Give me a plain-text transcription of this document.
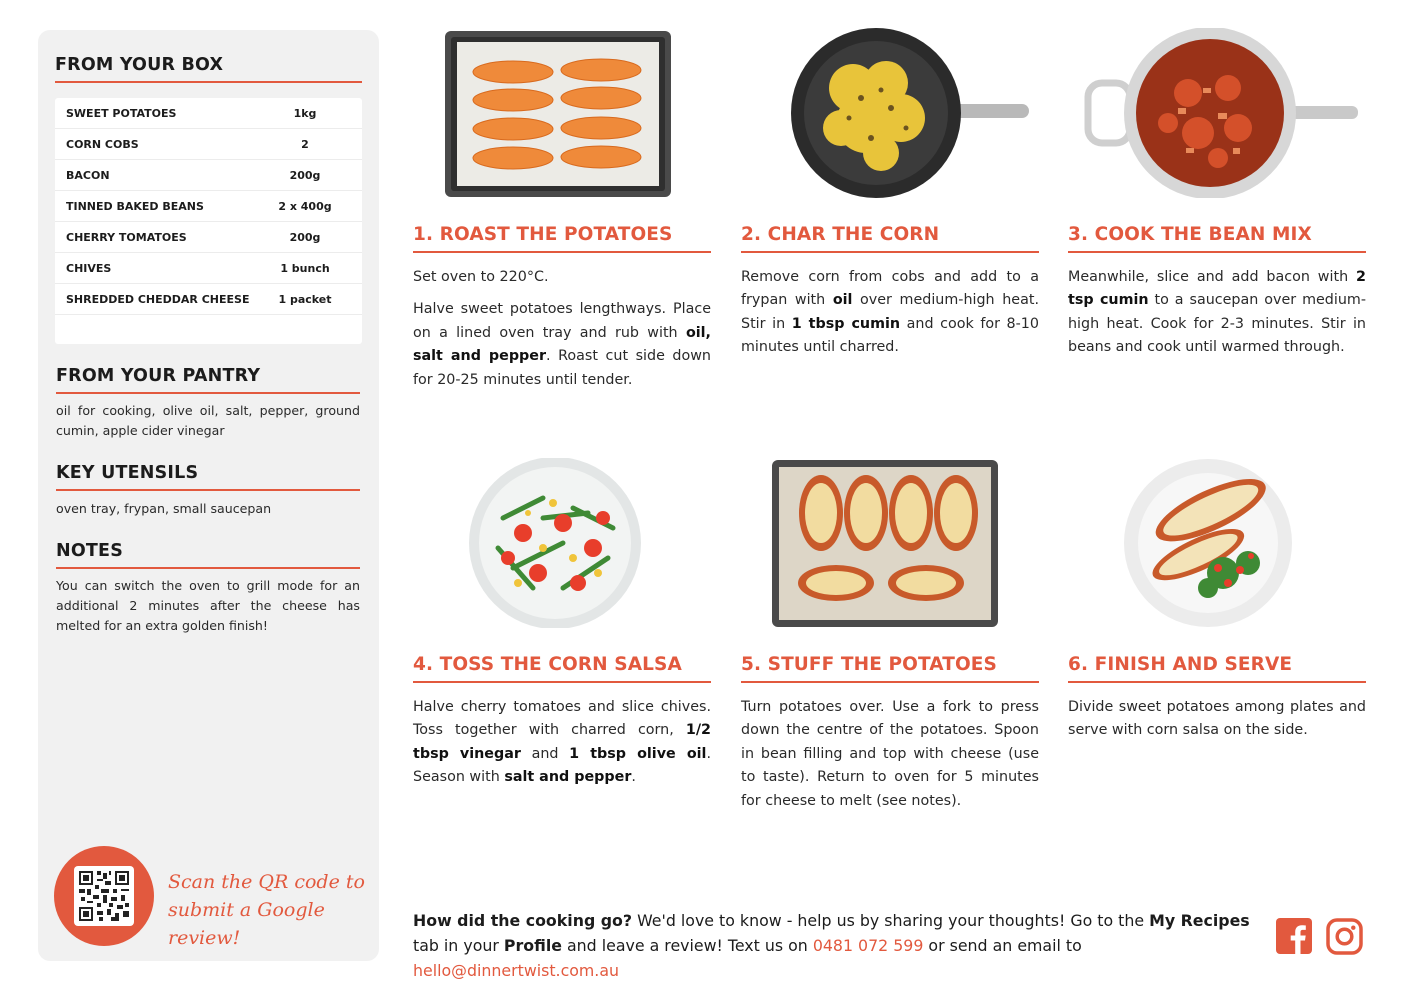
FROM YOUR BOX
SWEET POTATOES	1kg
CORN COBS	2
BACON	200g
TINNED BAKED BEANS	2 x 400g
CHERRY TOMATOES	200g
CHIVES	1 bunch
SHREDDED CHEDDAR CHEESE	1 packet
FROM YOUR PANTRY
oil for cooking, olive oil, salt, pepper, ground cumin, apple cider vinegar
KEY UTENSILS
oven tray, frypan, small saucepan
NOTES
You can switch the oven to grill mode for an additional 2 minutes after the cheese has melted for an extra golden finish!
Scan the QR code to
submit a Google review!
1. ROAST THE POTATOES

Set oven to 220°C.

Halve sweet potatoes lengthways. Place on a lined oven tray and rub with oil, salt and pepper. Roast cut side down for 20-25 minutes until tender.

2. CHAR THE CORN

Remove corn from cobs and add to a frypan with oil over medium-high heat. Stir in 1 tbsp cumin and cook for 8-10 minutes until charred.

3. COOK THE BEAN MIX

Meanwhile, slice and add bacon with 2 tsp cumin to a saucepan over medium-high heat. Cook for 2-3 minutes. Stir in beans and cook until warmed through.

4. TOSS THE CORN SALSA

Halve cherry tomatoes and slice chives. Toss together with charred corn, 1/2 tbsp vinegar and 1 tbsp olive oil. Season with salt and pepper.

5. STUFF THE POTATOES

Turn potatoes over. Use a fork to press down the centre of the potatoes. Spoon in bean filling and top with cheese (use to taste). Return to oven for 5 minutes for cheese to melt (see notes).

6. FINISH AND SERVE

Divide sweet potatoes among plates and serve with corn salsa on the side.

How did the cooking go? We'd love to know - help us by sharing your thoughts! Go to the My Recipes tab in your Profile and leave a review! Text us on 0481 072 599 or send an email to hello@dinnertwist.com.au
